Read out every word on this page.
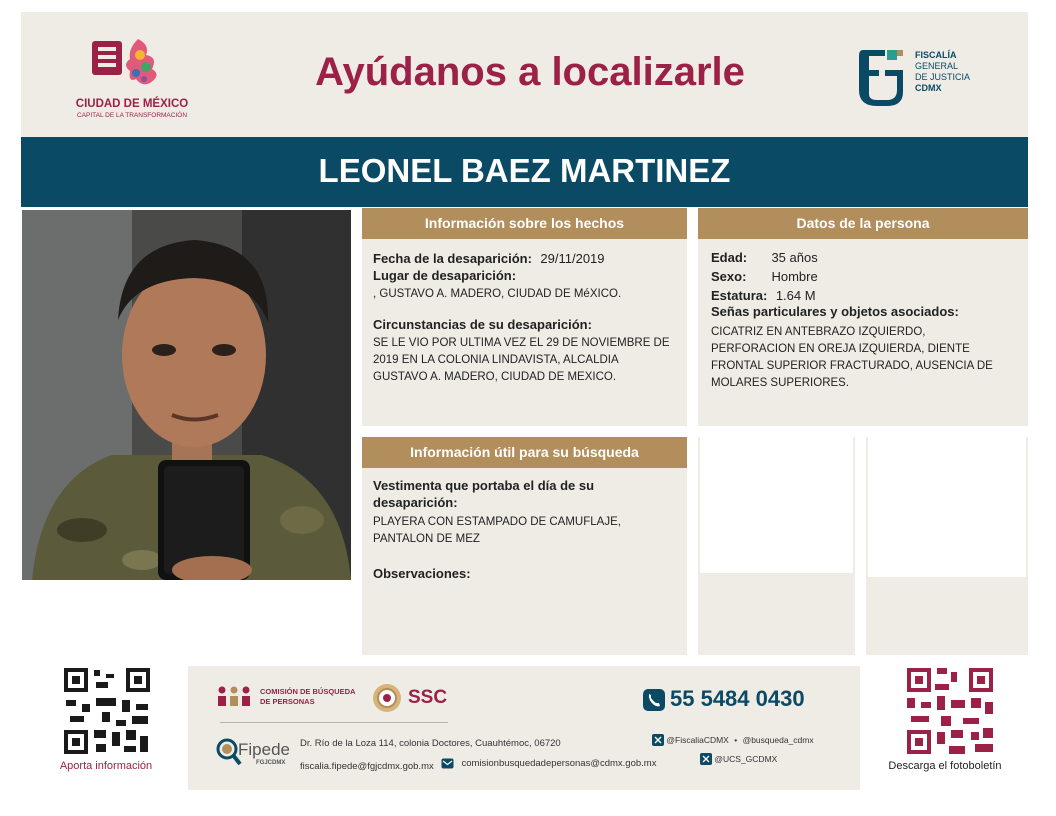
CIUDAD DE MÉXICO
CAPITAL DE LA TRANSFORMACIÓN
Ayúdanos a localizarle	FISCALÍA
GENERAL
DE JUSTICIA
CDMX
LEONEL BAEZ MARTINEZ
Información sobre los hechos
Fecha de la desaparición: 29/11/2019
Lugar de desaparición:
, GUSTAVO A. MADERO, CIUDAD DE MéXICO.
Circunstancias de su desaparición:
SE LE VIO POR ULTIMA VEZ EL 29 DE NOVIEMBRE DE
2019 EN LA COLONIA LINDAVISTA, ALCALDIA
GUSTAVO A. MADERO, CIUDAD DE MEXICO.
Datos de la persona
Edad: 35 años
Sexo: Hombre
Estatura: 1.64 M
Señas particulares y objetos asociados:
CICATRIZ EN ANTEBRAZO IZQUIERDO,
PERFORACION EN OREJA IZQUIERDA, DIENTE
FRONTAL SUPERIOR FRACTURADO, AUSENCIA DE
MOLARES SUPERIORES.
Información útil para su búsqueda
Vestimenta que portaba el día de su
desaparición:
PLAYERA CON ESTAMPADO DE CAMUFLAJE,
PANTALON DE MEZ
Observaciones:
Aporta información
COMISIÓN DE BÚSQUEDA
DE PERSONAS	SSC	55 5484 0430
Fipede
FGJCDMX
Dr. Río de la Loza 114, colonia Doctores, Cuauhtémoc, 06720
fiscalia.fipede@fgjcdmx.gob.mx	comisionbusquedadepersonas@cdmx.gob.mx
@FiscaliaCDMX • @busqueda_cdmx
@UCS_GCDMX
Descarga el fotoboletín
